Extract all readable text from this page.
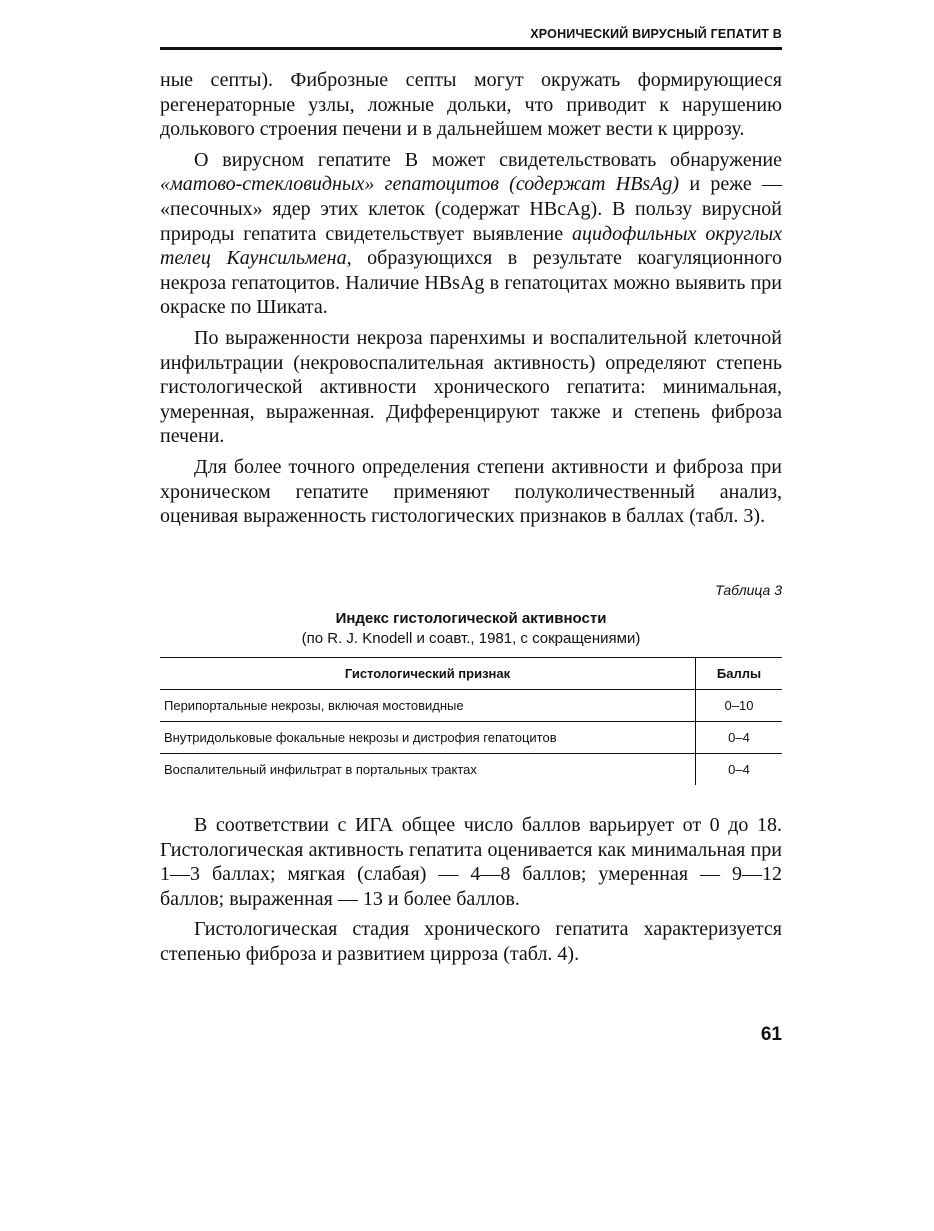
ХРОНИЧЕСКИЙ ВИРУСНЫЙ ГЕПАТИТ В

ные септы). Фиброзные септы могут окружать формирующиеся регенераторные узлы, ложные дольки, что приводит к нарушению долькового строения печени и в дальнейшем может вести к циррозу.

О вирусном гепатите В может свидетельствовать обнаружение «матово-стекловидных» гепатоцитов (содержат HBsAg) и реже — «песочных» ядер этих клеток (содержат HBcAg). В пользу вирусной природы гепатита свидетельствует выявление ацидофильных округлых телец Каунсильмена, образующихся в результате коагуляционного некроза гепатоцитов. Наличие HBsAg в гепатоцитах можно выявить при окраске по Шиката.

По выраженности некроза паренхимы и воспалительной клеточной инфильтрации (некровоспалительная активность) определяют степень гистологической активности хронического гепатита: минимальная, умеренная, выраженная. Дифференцируют также и степень фиброза печени.

Для более точного определения степени активности и фиброза при хроническом гепатите применяют полуколичественный анализ, оценивая выраженность гистологических признаков в баллах (табл. 3).

Таблица 3
Индекс гистологической активности
(по R. J. Knodell и соавт., 1981, с сокращениями)
Гистологический признак	Баллы
Перипортальные некрозы, включая мостовидные	0–10
Внутридольковые фокальные некрозы и дистрофия гепатоцитов	0–4
Воспалительный инфильтрат в портальных трактах	0–4

В соответствии с ИГА общее число баллов варьирует от 0 до 18. Гистологическая активность гепатита оценивается как минимальная при 1—3 баллах; мягкая (слабая) — 4—8 баллов; умеренная — 9—12 баллов; выраженная — 13 и более баллов.

Гистологическая стадия хронического гепатита характеризуется степенью фиброза и развитием цирроза (табл. 4).

61
